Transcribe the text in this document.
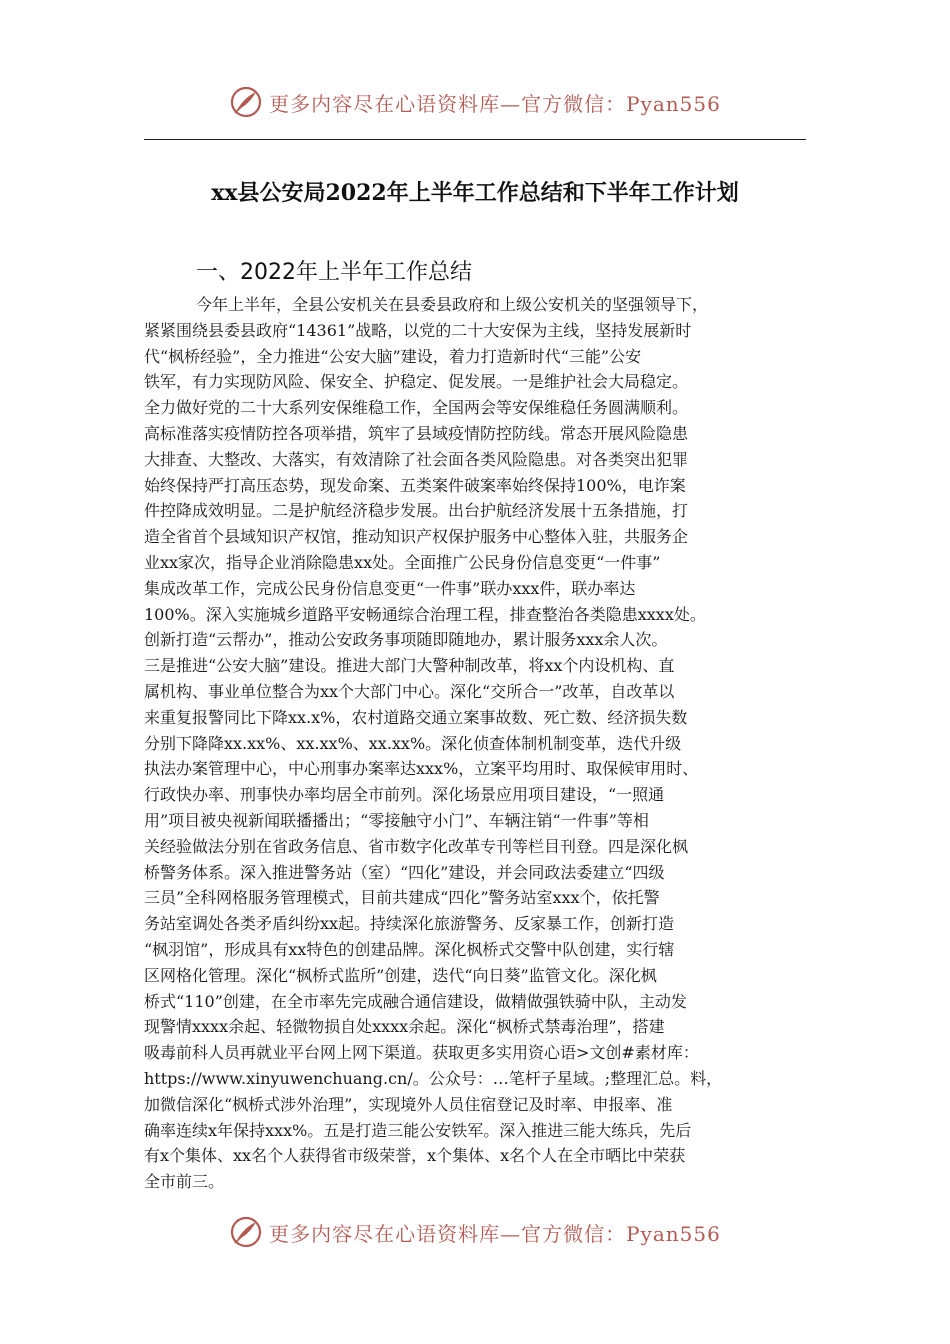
更多内容尽在心语资料库—官方微信：Pyan556
xx县公安局2022年上半年工作总结和下半年工作计划
一、2022年上半年工作总结
今年上半年，全县公安机关在县委县政府和上级公安机关的坚强领导下，
紧紧围绕县委县政府“14361”战略，以党的二十大安保为主线，坚持发展新时
代“枫桥经验”，全力推进“公安大脑”建设，着力打造新时代“三能”公安
铁军，有力实现防风险、保安全、护稳定、促发展。一是维护社会大局稳定。
全力做好党的二十大系列安保维稳工作，全国两会等安保维稳任务圆满顺利。
高标准落实疫情防控各项举措，筑牢了县域疫情防控防线。常态开展风险隐患
大排查、大整改、大落实，有效清除了社会面各类风险隐患。对各类突出犯罪
始终保持严打高压态势，现发命案、五类案件破案率始终保持100%，电诈案
件控降成效明显。二是护航经济稳步发展。出台护航经济发展十五条措施，打
造全省首个县域知识产权馆，推动知识产权保护服务中心整体入驻，共服务企
业xx家次，指导企业消除隐患xx处。全面推广公民身份信息变更“一件事”
集成改革工作，完成公民身份信息变更“一件事”联办xxx件，联办率达
100%。深入实施城乡道路平安畅通综合治理工程，排查整治各类隐患xxxx处。
创新打造“云帮办”，推动公安政务事项随即随地办，累计服务xxx余人次。
三是推进“公安大脑”建设。推进大部门大警种制改革，将xx个内设机构、直
属机构、事业单位整合为xx个大部门中心。深化“交所合一”改革，自改革以
来重复报警同比下降xx.x%，农村道路交通立案事故数、死亡数、经济损失数
分别下降降xx.xx%、xx.xx%、xx.xx%。深化侦查体制机制变革，迭代升级
执法办案管理中心，中心刑事办案率达xxx%，立案平均用时、取保候审用时、
行政快办率、刑事快办率均居全市前列。深化场景应用项目建设，“一照通
用”项目被央视新闻联播播出；“零接触守小门”、车辆注销“一件事”等相
关经验做法分别在省政务信息、省市数字化改革专刊等栏目刊登。四是深化枫
桥警务体系。深入推进警务站（室）“四化”建设，并会同政法委建立“四级
三员”全科网格服务管理模式，目前共建成“四化”警务站室xxx个，依托警
务站室调处各类矛盾纠纷xx起。持续深化旅游警务、反家暴工作，创新打造
“枫羽馆”，形成具有xx特色的创建品牌。深化枫桥式交警中队创建，实行辖
区网格化管理。深化“枫桥式监所”创建，迭代“向日葵”监管文化。深化枫
桥式“110”创建，在全市率先完成融合通信建设，做精做强铁骑中队，主动发
现警情xxxx余起、轻微物损自处xxxx余起。深化“枫桥式禁毒治理”，搭建
吸毒前科人员再就业平台网上网下渠道。获取更多实用资心语>文创#素材库：
https://www.xinyuwenchuang.cn/。公众号：…笔杆子星域。;整理汇总。料，
加微信深化“枫桥式涉外治理”，实现境外人员住宿登记及时率、申报率、准
确率连续x年保持xxx%。五是打造三能公安铁军。深入推进三能大练兵，先后
有x个集体、xx名个人获得省市级荣誉，x个集体、x名个人在全市晒比中荣获
全市前三。
更多内容尽在心语资料库—官方微信：Pyan556
